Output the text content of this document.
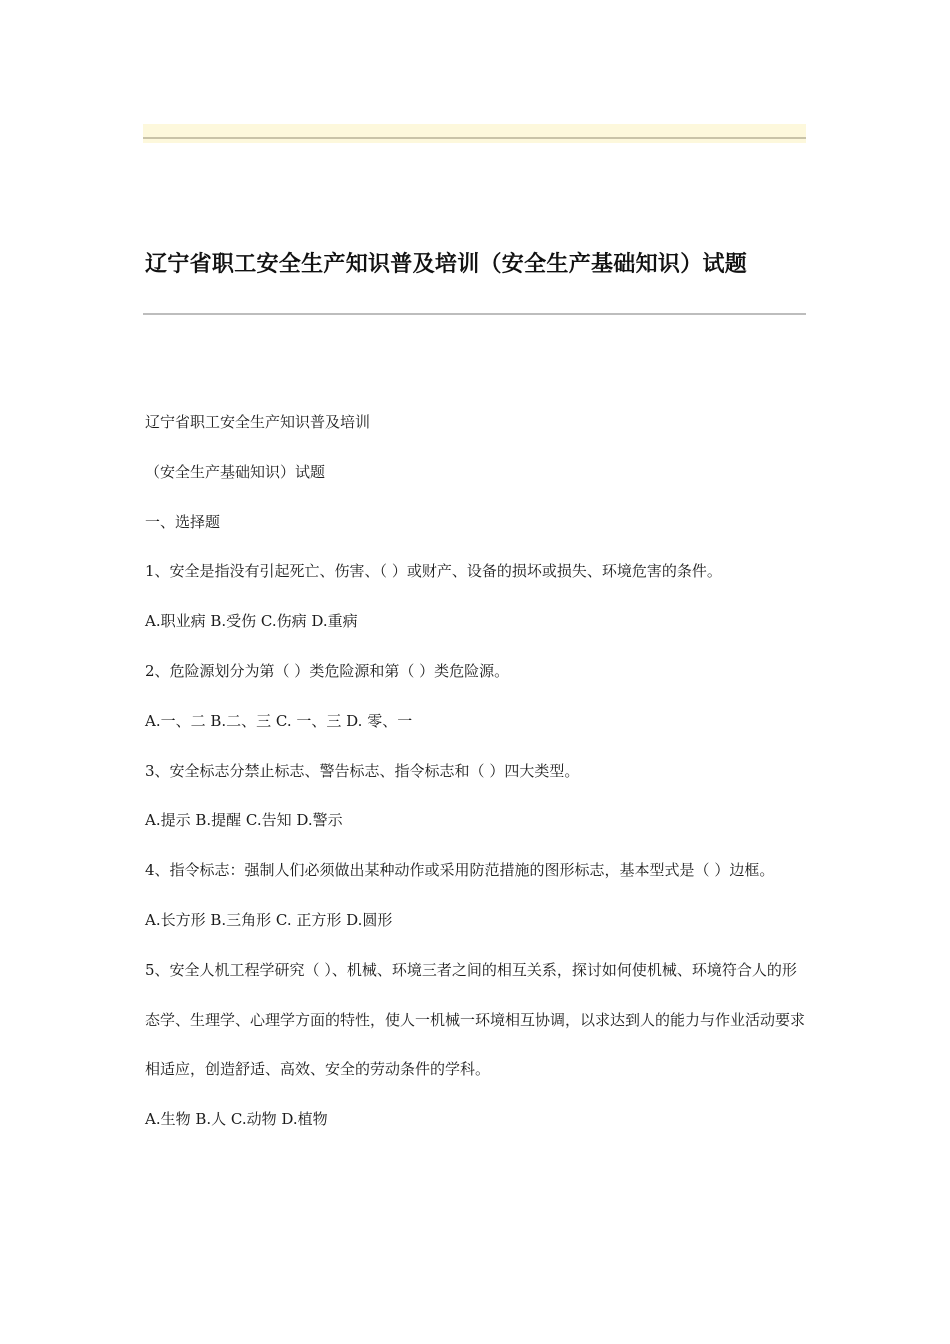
辽宁省职工安全生产知识普及培训（安全生产基础知识）试题

辽宁省职工安全生产知识普及培训

（安全生产基础知识）试题

一、选择题

1、安全是指没有引起死亡、伤害、（ ）或财产、设备的损坏或损失、环境危害的条件。

A.职业病 B.受伤 C.伤病 D.重病

2、危险源划分为第（ ）类危险源和第（ ）类危险源。

A.一、二 B.二、三 C. 一、三 D. 零、一

3、安全标志分禁止标志、警告标志、指令标志和（ ）四大类型。

A.提示 B.提醒 C.告知 D.警示

4、指令标志：强制人们必须做出某种动作或采用防范措施的图形标志，基本型式是（ ）边框。

A.长方形 B.三角形 C. 正方形 D.圆形

5、安全人机工程学研究（ ）、机械、环境三者之间的相互关系，探讨如何使机械、环境符合人的形态学、生理学、心理学方面的特性，使人一机械一环境相互协调，以求达到人的能力与作业活动要求相适应，创造舒适、高效、安全的劳动条件的学科。

A.生物 B.人 C.动物 D.植物
